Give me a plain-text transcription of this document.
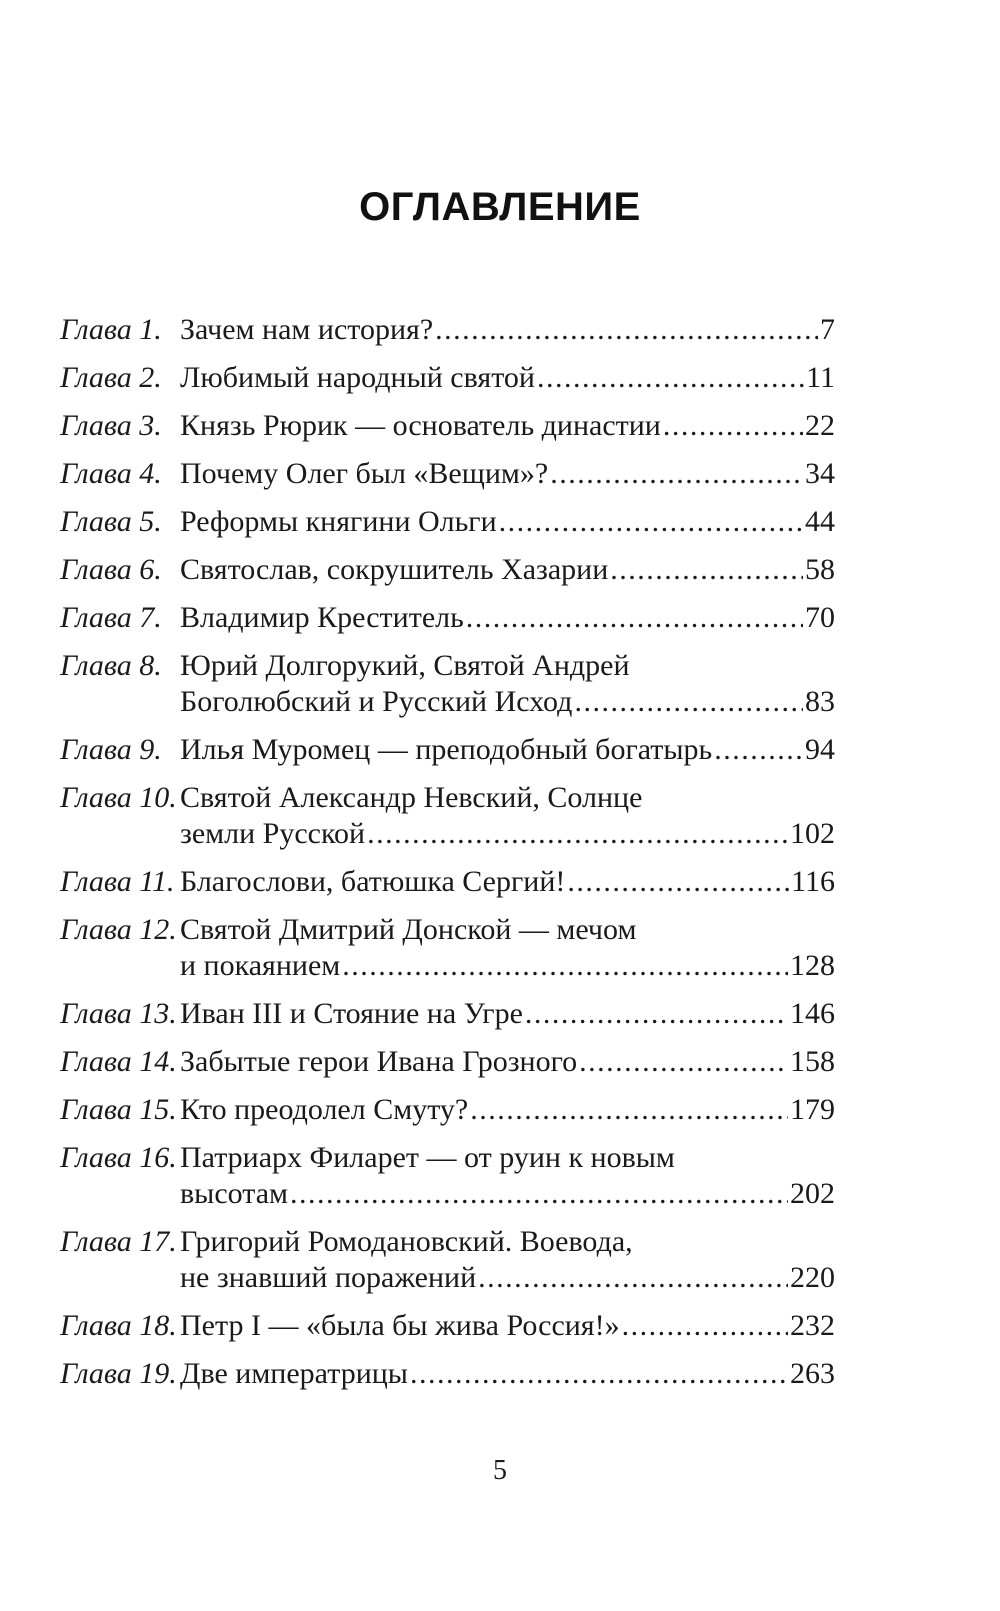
ОГЛАВЛЕНИЕ
Глава 1. Зачем нам история? . . .	7
Глава 2. Любимый народный святой . . .	11
Глава 3. Князь Рюрик — основатель династии . . .	22
Глава 4. Почему Олег был «Вещим»? . . .	34
Глава 5. Реформы княгини Ольги . . .	44
Глава 6. Святослав, сокрушитель Хазарии . . .	58
Глава 7. Владимир Креститель . . .	70
Глава 8. Юрий Долгорукий, Святой Андрей
Боголюбский и Русский Исход . . .	83
Глава 9. Илья Муромец — преподобный богатырь . . .	94
Глава 10. Святой Александр Невский, Солнце
земли Русской . . .	102
Глава 11. Благослови, батюшка Сергий! . . .	116
Глава 12. Святой Дмитрий Донской — мечом
и покаянием . . .	128
Глава 13. Иван III и Стояние на Угре . . .	146
Глава 14. Забытые герои Ивана Грозного . . .	158
Глава 15. Кто преодолел Смуту? . . .	179
Глава 16. Патриарх Филарет — от руин к новым
высотам . . .	202
Глава 17. Григорий Ромодановский. Воевода,
не знавший поражений . . .	220
Глава 18. Петр I — «была бы жива Россия!» . . .	232
Глава 19. Две императрицы . . .	263
5
